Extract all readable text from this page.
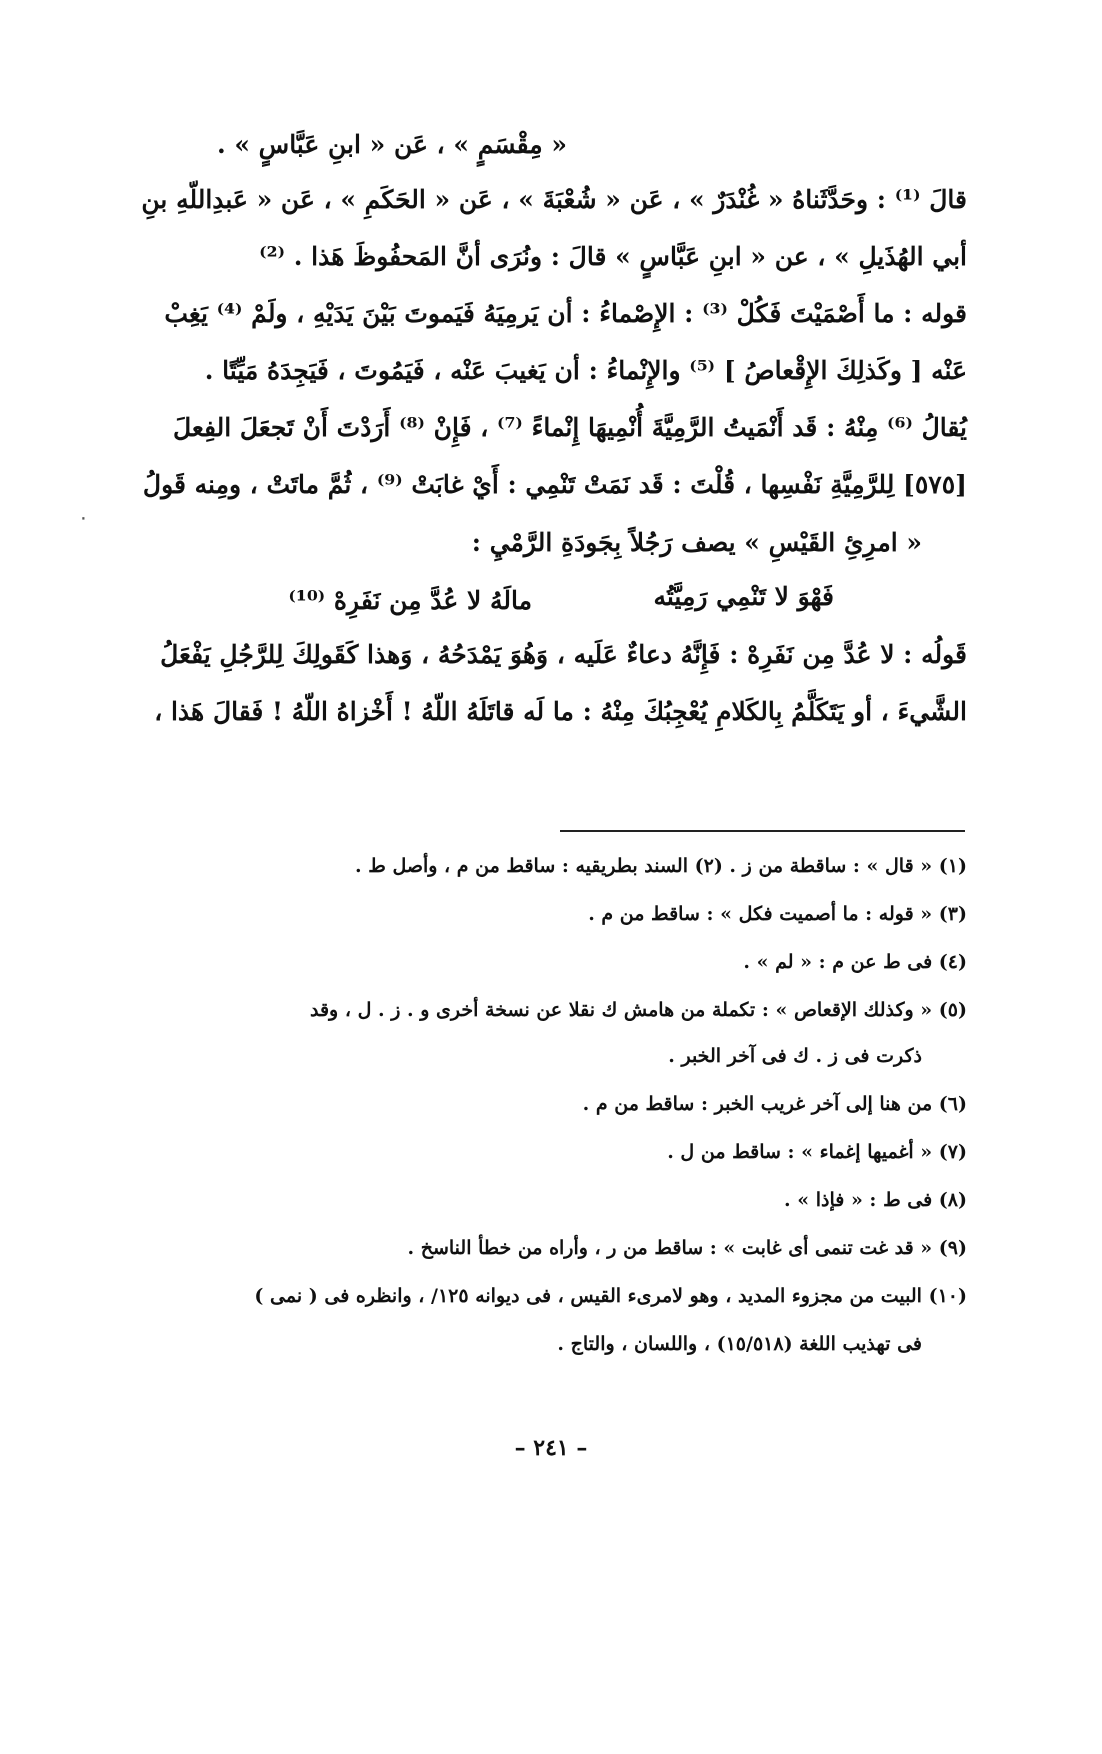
« مِقْسَمٍ » ، عَن « ابنِ عَبَّاسٍ » .
قالَ ⁽¹⁾ : وحَدَّثَناهُ « غُنْدَرٌ » ، عَن « شُعْبَةَ » ، عَن « الحَكَمِ » ، عَن « عَبدِاللّهِ بنِ
أبي الهُذَيلِ » ، عن « ابنِ عَبَّاسٍ » قالَ : ونُرَى أنَّ المَحفُوظَ هَذا . ⁽²⁾
قوله : ما أَصْمَيْتَ فَكُلْ ⁽³⁾ : الإِصْماءُ : أن يَرمِيَهُ فَيَموتَ بَيْنَ يَدَيْهِ ، ولَمْ ⁽⁴⁾ يَغِبْ
عَنْه [ وكَذلِكَ الإِقْعاصُ ] ⁽⁵⁾ والإِنْماءُ : أن يَغيبَ عَنْه ، فَيَمُوتَ ، فَيَجِدَهُ مَيِّتًا .
يُقالُ ⁽⁶⁾ مِنْهُ : قَد أَنْمَيتُ الرَّمِيَّةَ أُنْمِيهَا إِنْماءً ⁽⁷⁾ ، فَإِنْ ⁽⁸⁾ أَرَدْتَ أَنْ تَجعَلَ الفِعلَ
[٥٧٥] لِلرَّمِيَّةِ نَفْسِها ، قُلْتَ : قَد نَمَتْ تَنْمِي : أَيْ غابَتْ ⁽⁹⁾ ، ثُمَّ ماتَتْ ، ومِنه قَولُ
« امرِئِ القَيْسِ » يصف رَجُلاً بِجَودَةِ الرَّمْيِ :
فَهْوَ لا تَنْمِي رَمِيَّتُه
مالَهُ لا عُدَّ مِن نَفَرِهْ ⁽¹⁰⁾
قَولُه : لا عُدَّ مِن نَفَرِهْ : فَإِنَّهُ دعاءٌ عَلَيه ، وَهُوَ يَمْدَحُهُ ، وَهذا كَقَولِكَ لِلرَّجُلِ يَفْعَلُ
الشَّيءَ ، أو يَتَكَلَّمُ بِالكَلامِ يُعْجِبُكَ مِنْهُ : ما لَه قاتَلَهُ اللّهُ ! أَخْزاهُ اللّهُ ! فَقالَ هَذا ،
(١) « قال » : ساقطة من ز . (٢) السند بطريقيه : ساقط من م ، وأصل ط .
(٣) « قوله : ما أصميت فكل » : ساقط من م .
(٤) فى ط عن م : « لم » .
(٥) « وكذلك الإقعاص » : تكملة من هامش ك نقلا عن نسخة أخرى و . ز . ل ، وقد
ذكرت فى ز . ك فى آخر الخبر .
(٦) من هنا إلى آخر غريب الخبر : ساقط من م .
(٧) « أغميها إغماء » : ساقط من ل .
(٨) فى ط : « فإذا » .
(٩) « قد غت تنمى أى غابت » : ساقط من ر ، وأراه من خطأ الناسخ .
(١٠) البيت من مجزوء المديد ، وهو لامرىء القيس ، فى ديوانه ١٢٥/ ، وانظره فى ( نمى )
فى تهذيب اللغة (١٥/٥١٨) ، واللسان ، والتاج .
– ٢٤١ –
٠
